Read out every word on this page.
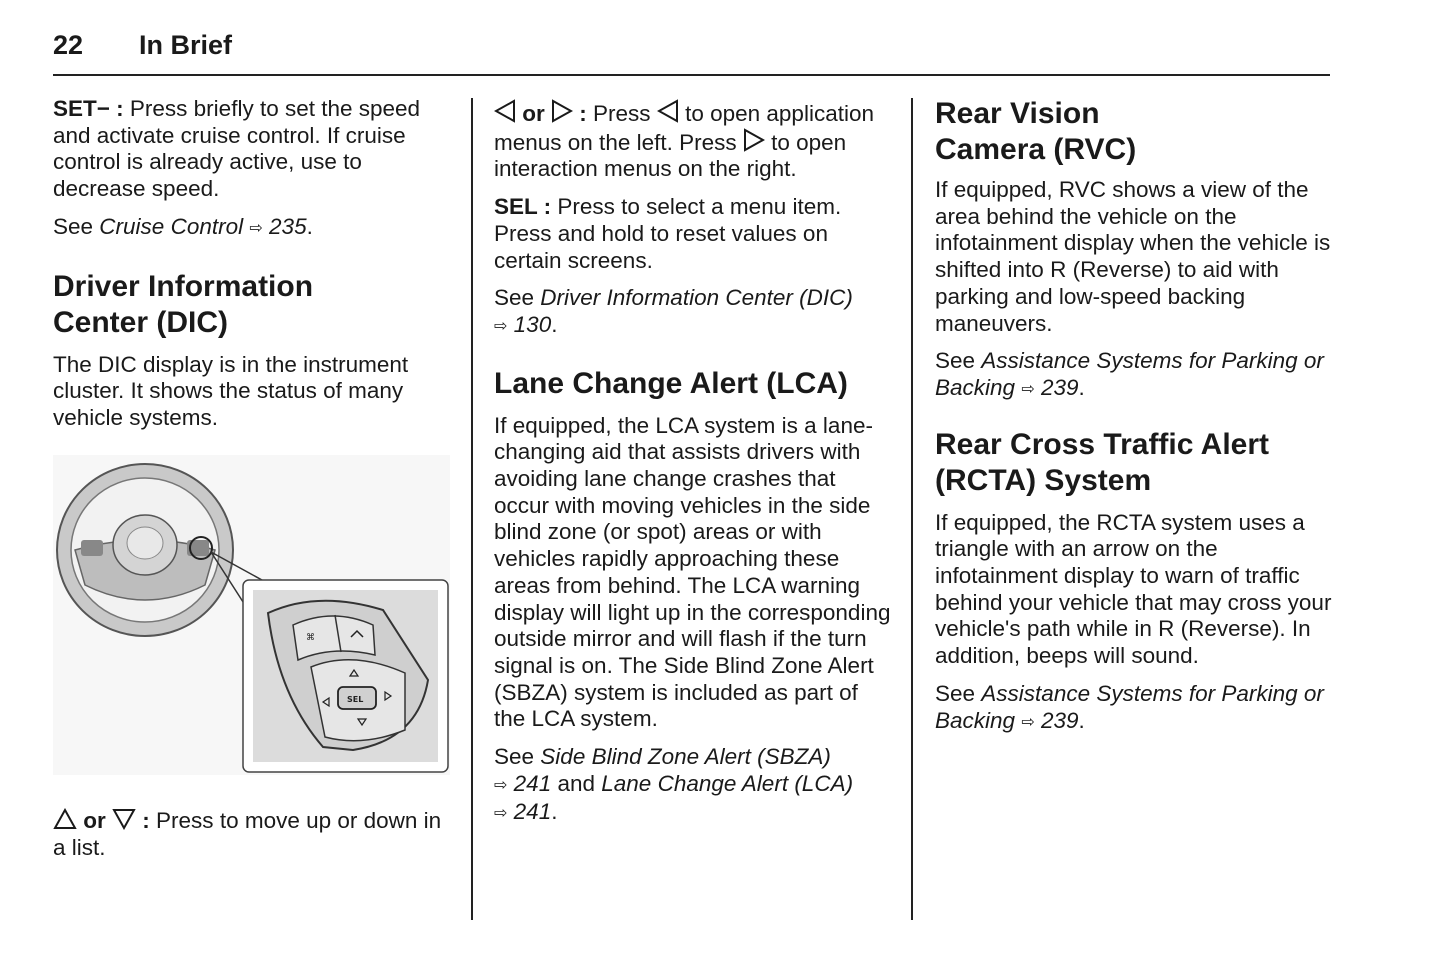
22 In Brief

SET− : Press briefly to set the speed and activate cruise control. If cruise control is already active, use to decrease speed.

See Cruise Control ⇨ 235.

Driver Information
Center (DIC)

The DIC display is in the instrument cluster. It shows the status of many vehicle systems.

⌘
SEL

or : Press to move up or down in a list.

or : Press  to open application menus on the left. Press  to open interaction menus on the right.

SEL : Press to select a menu item. Press and hold to reset values on certain screens.

See Driver Information Center (DIC)
⇨ 130.

Lane Change Alert (LCA)

If equipped, the LCA system is a lane-changing aid that assists drivers with avoiding lane change crashes that occur with moving vehicles in the side blind zone (or spot) areas or with vehicles rapidly approaching these areas from behind. The LCA warning display will light up in the corresponding outside mirror and will flash if the turn signal is on. The Side Blind Zone Alert (SBZA) system is included as part of the LCA system.

See Side Blind Zone Alert (SBZA)
⇨ 241 and Lane Change Alert (LCA)
⇨ 241.

Rear Vision
Camera (RVC)

If equipped, RVC shows a view of the area behind the vehicle on the infotainment display when the vehicle is shifted into R (Reverse) to aid with parking and low-speed backing maneuvers.

See Assistance Systems for Parking or Backing ⇨ 239.

Rear Cross Traffic Alert
(RCTA) System

If equipped, the RCTA system uses a triangle with an arrow on the infotainment display to warn of traffic behind your vehicle that may cross your vehicle's path while in R (Reverse). In addition, beeps will sound.

See Assistance Systems for Parking or Backing ⇨ 239.
